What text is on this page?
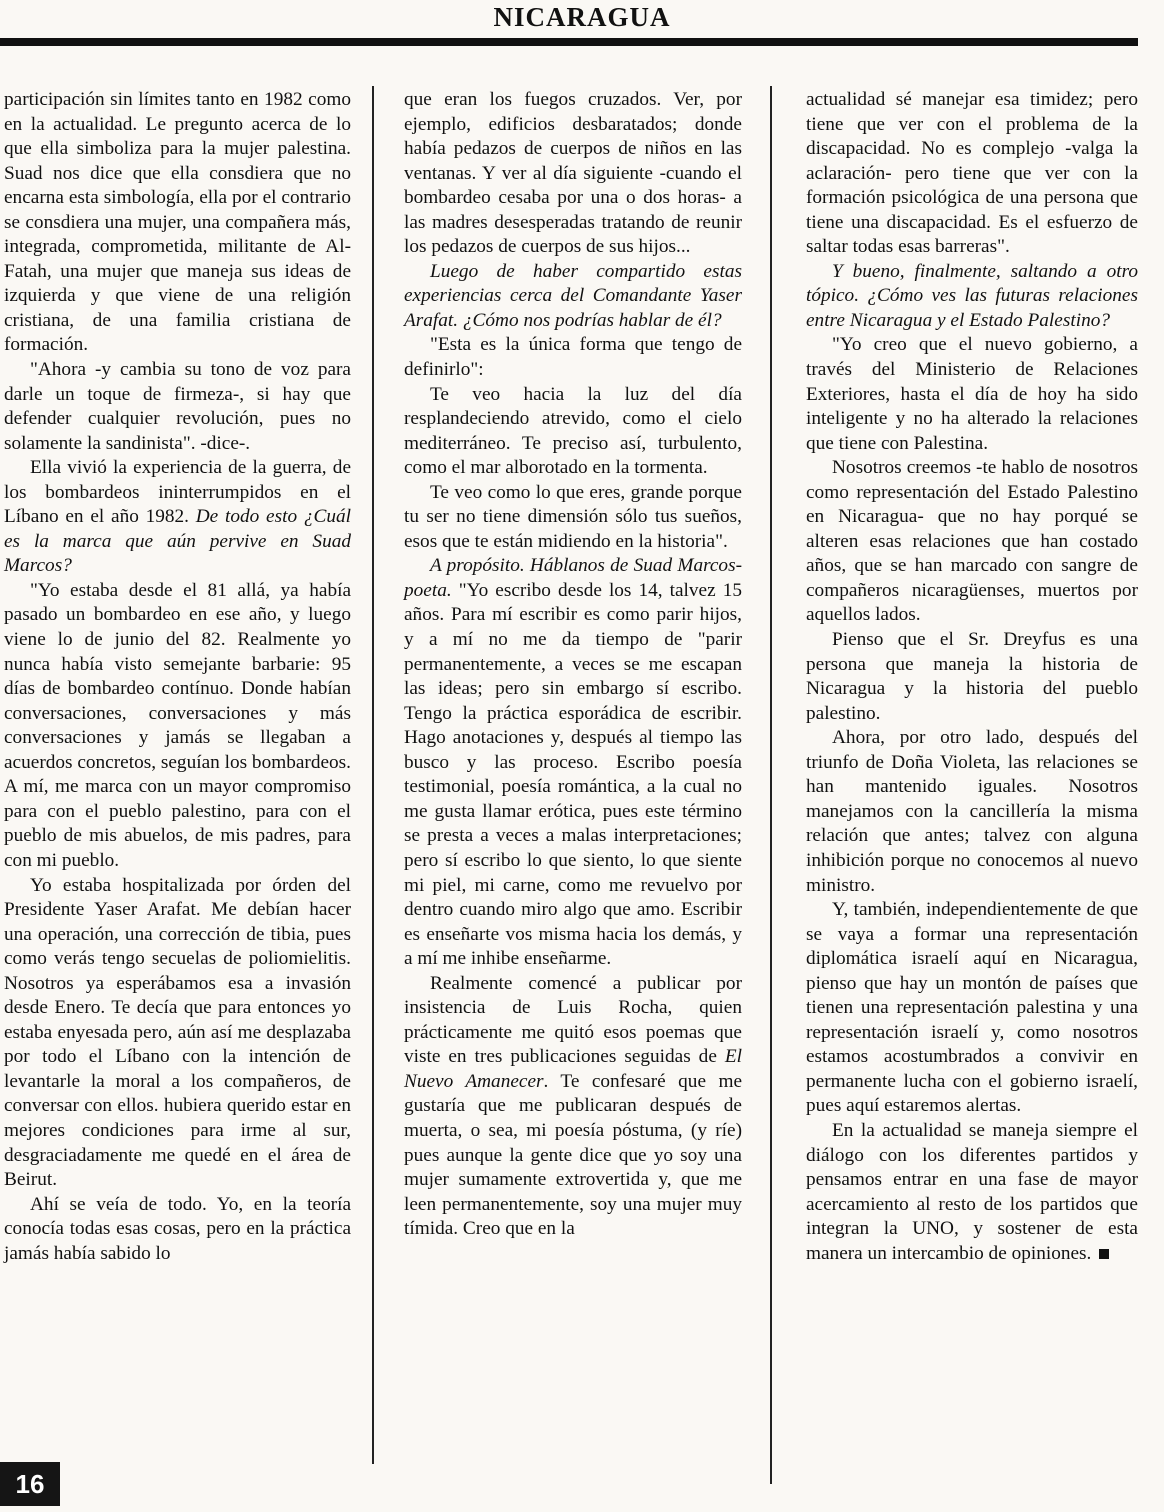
NICARAGUA

participación sin límites tanto en 1982 como en la actualidad. Le pregunto acerca de lo que ella simboliza para la mujer palestina. Suad nos dice que ella consdiera que no encarna esta simbología, ella por el contrario se consdiera una mujer, una compañera más, integrada, comprometida, militante de Al-Fatah, una mujer que maneja sus ideas de izquierda y que viene de una religión cristiana, de una familia cristiana de formación.

"Ahora -y cambia su tono de voz para darle un toque de firmeza-, si hay que defender cualquier revolución, pues no solamente la sandinista". -dice-.

Ella vivió la experiencia de la guerra, de los bombardeos ininterrumpidos en el Líbano en el año 1982. De todo esto ¿Cuál es la marca que aún pervive en Suad Marcos?

"Yo estaba desde el 81 allá, ya había pasado un bombardeo en ese año, y luego viene lo de junio del 82. Realmente yo nunca había visto semejante barbarie: 95 días de bombardeo contínuo. Donde habían conversaciones, conversaciones y más conversaciones y jamás se llegaban a acuerdos concretos, seguían los bombardeos. A mí, me marca con un mayor compromiso para con el pueblo palestino, para con el pueblo de mis abuelos, de mis padres, para con mi pueblo.

Yo estaba hospitalizada por órden del Presidente Yaser Arafat. Me debían hacer una operación, una corrección de tibia, pues como verás tengo secuelas de poliomielitis. Nosotros ya esperábamos esa a invasión desde Enero. Te decía que para entonces yo estaba enyesada pero, aún así me desplazaba por todo el Líbano con la intención de levantarle la moral a los compañeros, de conversar con ellos. hubiera querido estar en mejores condiciones para irme al sur, desgraciadamente me quedé en el área de Beirut.

Ahí se veía de todo. Yo, en la teoría conocía todas esas cosas, pero en la práctica jamás había sabido lo

que eran los fuegos cruzados. Ver, por ejemplo, edificios desbaratados; donde había pedazos de cuerpos de niños en las ventanas. Y ver al día siguiente -cuando el bombardeo cesaba por una o dos horas- a las madres desesperadas tratando de reunir los pedazos de cuerpos de sus hijos...

Luego de haber compartido estas experiencias cerca del Comandante Yaser Arafat. ¿Cómo nos podrías hablar de él?

"Esta es la única forma que tengo de definirlo":

Te veo hacia la luz del día resplandeciendo atrevido, como el cielo mediterráneo. Te preciso así, turbulento, como el mar alborotado en la tormenta.

Te veo como lo que eres, grande porque tu ser no tiene dimensión sólo tus sueños, esos que te están midiendo en la historia".

A propósito. Háblanos de Suad Marcos-poeta. "Yo escribo desde los 14, talvez 15 años. Para mí escribir es como parir hijos, y a mí no me da tiempo de "parir permanentemente, a veces se me escapan las ideas; pero sin embargo sí escribo. Tengo la práctica esporádica de escribir. Hago anotaciones y, después al tiempo las busco y las proceso. Escribo poesía testimonial, poesía romántica, a la cual no me gusta llamar erótica, pues este término se presta a veces a malas interpretaciones; pero sí escribo lo que siento, lo que siente mi piel, mi carne, como me revuelvo por dentro cuando miro algo que amo. Escribir es enseñarte vos misma hacia los demás, y a mí me inhibe enseñarme.

Realmente comencé a publicar por insistencia de Luis Rocha, quien prácticamente me quitó esos poemas que viste en tres publicaciones seguidas de El Nuevo Amanecer. Te confesaré que me gustaría que me publicaran después de muerta, o sea, mi poesía póstuma, (y ríe) pues aunque la gente dice que yo soy una mujer sumamente extrovertida y, que me leen permanentemente, soy una mujer muy tímida. Creo que en la

actualidad sé manejar esa timidez; pero tiene que ver con el problema de la discapacidad. No es complejo -valga la aclaración- pero tiene que ver con la formación psicológica de una persona que tiene una discapacidad. Es el esfuerzo de saltar todas esas barreras".

Y bueno, finalmente, saltando a otro tópico. ¿Cómo ves las futuras relaciones entre Nicaragua y el Estado Palestino?

"Yo creo que el nuevo gobierno, a través del Ministerio de Relaciones Exteriores, hasta el día de hoy ha sido inteligente y no ha alterado la relaciones que tiene con Palestina.

Nosotros creemos -te hablo de nosotros como representación del Estado Palestino en Nicaragua- que no hay porqué se alteren esas relaciones que han costado años, que se han marcado con sangre de compañeros nicaragüenses, muertos por aquellos lados.

Pienso que el Sr. Dreyfus es una persona que maneja la historia de Nicaragua y la historia del pueblo palestino.

Ahora, por otro lado, después del triunfo de Doña Violeta, las relaciones se han mantenido iguales. Nosotros manejamos con la cancillería la misma relación que antes; talvez con alguna inhibición porque no conocemos al nuevo ministro.

Y, también, independientemente de que se vaya a formar una representación diplomática israelí aquí en Nicaragua, pienso que hay un montón de países que tienen una representación palestina y una representación israelí y, como nosotros estamos acostumbrados a convivir en permanente lucha con el gobierno israelí, pues aquí estaremos alertas.

En la actualidad se maneja siempre el diálogo con los diferentes partidos y pensamos entrar en una fase de mayor acercamiento al resto de los partidos que integran la UNO, y sostener de esta manera un intercambio de opiniones.

16
